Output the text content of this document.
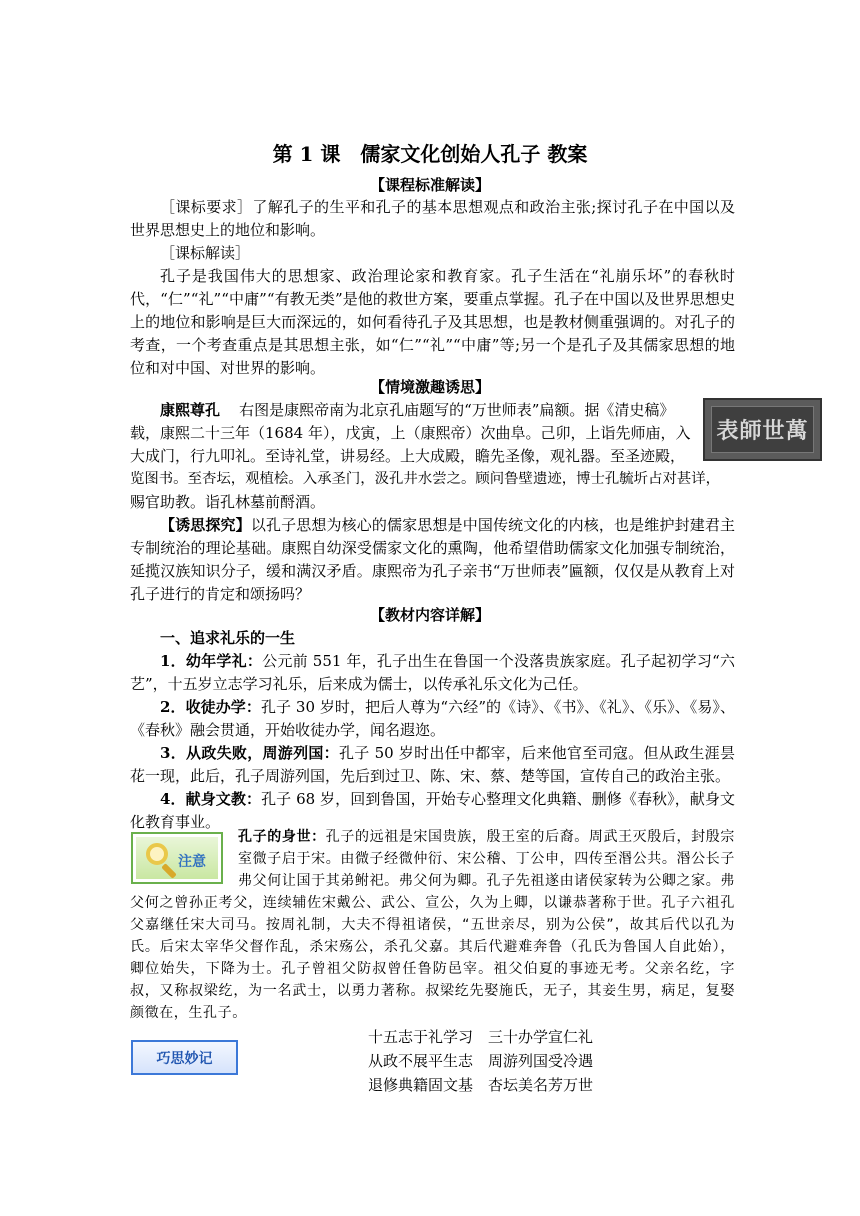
第 1 课　儒家文化创始人孔子 教案
【课程标准解读】
［课标要求］了解孔子的生平和孔子的基本思想观点和政治主张;探讨孔子在中国以及世界思想史上的地位和影响。
［课标解读］
孔子是我国伟大的思想家、政治理论家和教育家。孔子生活在“礼崩乐坏”的春秋时代，“仁”“礼”“中庸”“有教无类”是他的救世方案，要重点掌握。孔子在中国以及世界思想史上的地位和影响是巨大而深远的，如何看待孔子及其思想，也是教材侧重强调的。对孔子的考查，一个考查重点是其思想主张，如“仁”“礼”“中庸”等;另一个是孔子及其儒家思想的地位和对中国、对世界的影响。
【情境激趣诱思】
康熙尊孔 右图是康熙帝南为北京孔庙题写的“万世师表”扁额。据《清史稿》
载，康熙二十三年（1684 年），戊寅，上（康熙帝）次曲阜。己卯，上诣先师庙，入
大成门，行九叩礼。至诗礼堂，讲易经。上大成殿，瞻先圣像，观礼器。至圣迹殿，
览图书。至杏坛，观植桧。入承圣门，汲孔井水尝之。顾问鲁壁遗迹，博士孔毓圻占对甚详，
赐官助教。诣孔林墓前酹酒。
表師世萬
【诱思探究】以孔子思想为核心的儒家思想是中国传统文化的内核，也是维护封建君主专制统治的理论基础。康熙自幼深受儒家文化的熏陶，他希望借助儒家文化加强专制统治，延揽汉族知识分子，缓和满汉矛盾。康熙帝为孔子亲书“万世师表”匾额，仅仅是从教育上对孔子进行的肯定和颂扬吗？
【教材内容详解】
一、追求礼乐的一生
1．幼年学礼：公元前 551 年，孔子出生在鲁国一个没落贵族家庭。孔子起初学习“六艺”，十五岁立志学习礼乐，后来成为儒士，以传承礼乐文化为己任。
2．收徒办学：孔子 30 岁时，把后人尊为“六经”的《诗》、《书》、《礼》、《乐》、《易》、《春秋》融会贯通，开始收徒办学，闻名遐迩。
3．从政失败，周游列国：孔子 50 岁时出任中都宰，后来他官至司寇。但从政生涯昙花一现，此后，孔子周游列国，先后到过卫、陈、宋、蔡、楚等国，宣传自己的政治主张。
4．献身文教：孔子 68 岁，回到鲁国，开始专心整理文化典籍、删修《春秋》，献身文化教育事业。
注意
孔子的身世：孔子的远祖是宋国贵族，殷王室的后裔。周武王灭殷后，封殷宗室微子启于宋。由微子经微仲衍、宋公稽、丁公申，四传至湣公共。湣公长子弗父何让国于其弟鲋祀。弗父何为卿。孔子先祖遂由诸侯家转为公卿之家。弗父何之曾孙正考父，连续辅佐宋戴公、武公、宣公，久为上卿，以谦恭著称于世。孔子六祖孔父嘉继任宋大司马。按周礼制，大夫不得祖诸侯，“五世亲尽，别为公侯”，故其后代以孔为氏。后宋太宰华父督作乱，杀宋殇公，杀孔父嘉。其后代避难奔鲁（孔氏为鲁国人自此始），卿位始失，下降为士。孔子曾祖父防叔曾任鲁防邑宰。祖父伯夏的事迹无考。父亲名纥，字叔，又称叔梁纥，为一名武士，以勇力著称。叔梁纥先娶施氏，无子，其妾生男，病足，复娶颜徵在，生孔子。
巧思妙记
十五志于礼学习　三十办学宣仁礼
从政不展平生志　周游列国受冷遇
退修典籍固文基　杏坛美名芳万世
